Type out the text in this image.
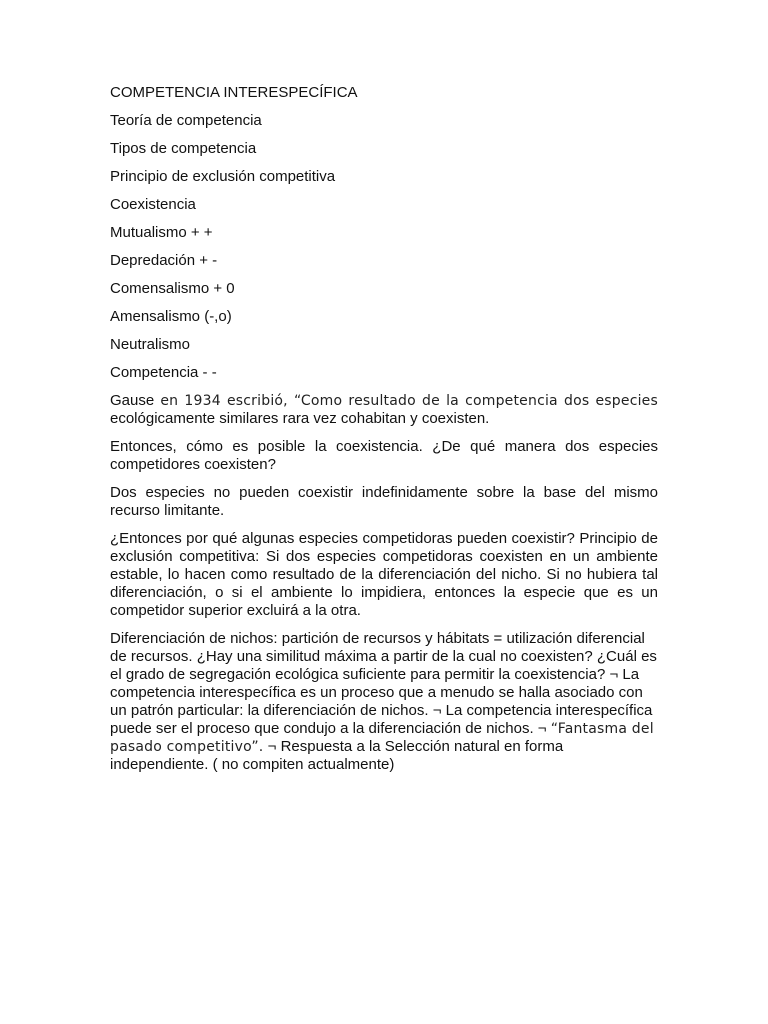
COMPETENCIA INTERESPECÍFICA
Teoría de competencia
Tipos de competencia
Principio de exclusión competitiva
Coexistencia
Mutualismo + +
Depredación + -
Comensalismo + 0
Amensalismo (-,o)
Neutralismo
Competencia - -
Gause en 1934 escribió, “Como resultado de la competencia dos especies ecológicamente similares rara vez cohabitan y coexisten.
Entonces, cómo es posible la coexistencia. ¿De qué manera dos especies competidores coexisten?
Dos especies no pueden coexistir indefinidamente sobre la base del mismo recurso limitante.
¿Entonces por qué algunas especies competidoras pueden coexistir? Principio de exclusión competitiva: Si dos especies competidoras coexisten en un ambiente estable, lo hacen como resultado de la diferenciación del nicho. Si no hubiera tal diferenciación, o si el ambiente lo impidiera, entonces la especie que es un competidor superior excluirá a la otra.
Diferenciación de nichos: partición de recursos y hábitats = utilización diferencial de recursos. ¿Hay una similitud máxima a partir de la cual no coexisten? ¿Cuál es el grado de segregación ecológica suficiente para permitir la coexistencia? ¬ La competencia interespecífica es un proceso que a menudo se halla asociado con un patrón particular: la diferenciación de nichos. ¬ La competencia interespecífica puede ser el proceso que condujo a la diferenciación de nichos. ¬ “Fantasma del pasado competitivo”. ¬ Respuesta a la Selección natural en forma independiente. ( no compiten actualmente)
